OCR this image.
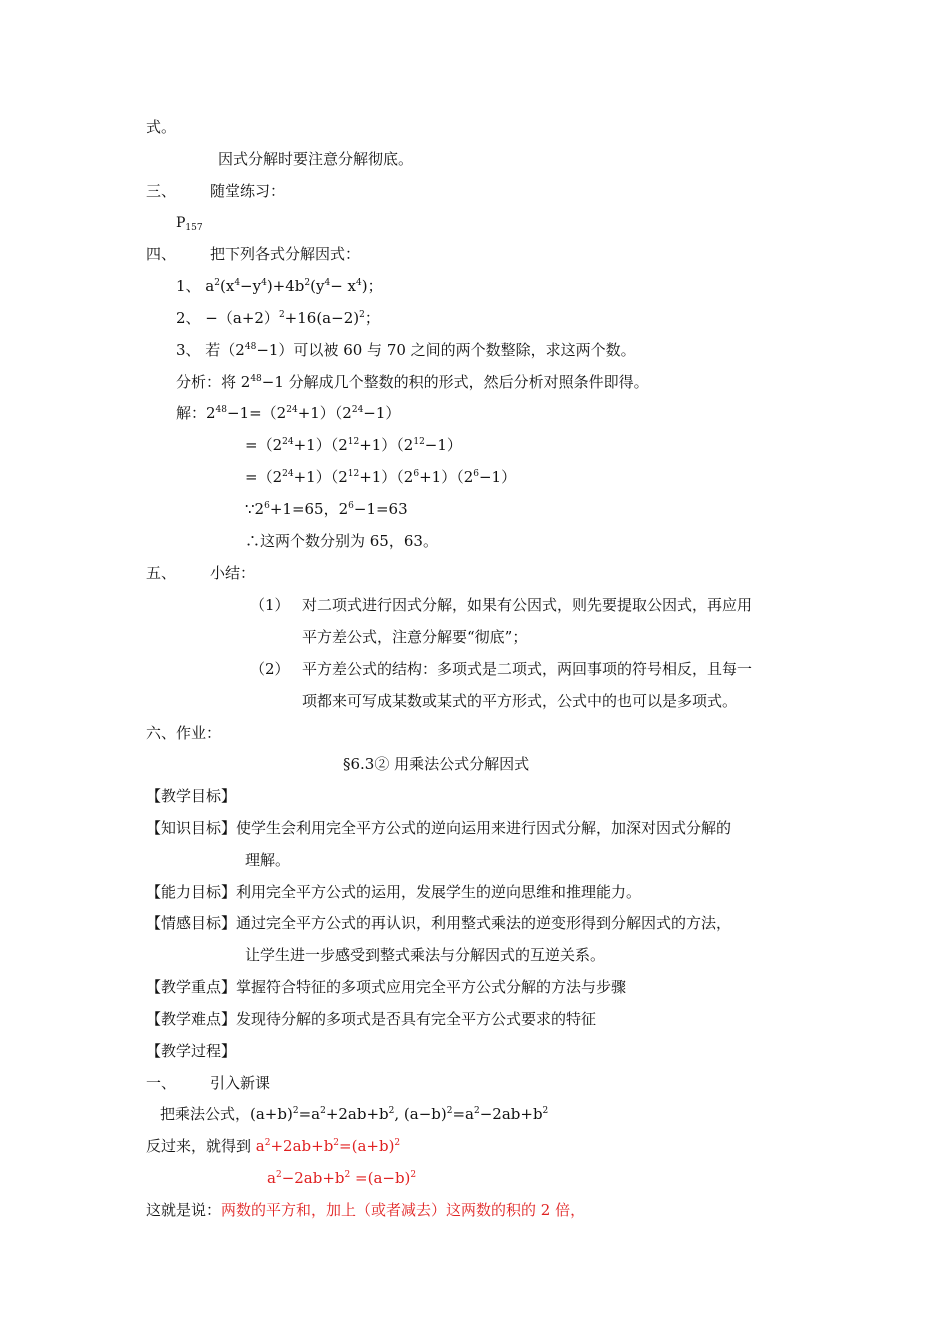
式。
因式分解时要注意分解彻底。
三、 随堂练习：
$P_{157}$
四、 把下列各式分解因式：
1、 $a^2(x^4-y^4)+4b^2(y^4- x^4)$；
2、 $-(a+2)^2+16(a-2)^2$；
3、 若$(2^{48}-1)$可以被 60 与 70 之间的两个数整除，求这两个数。
分析：将 $2^{48}-1$ 分解成几个整数的积的形式，然后分析对照条件即得。
解：$2^{48}-1=(2^{24}+1)(2^{24}-1)$
$=(2^{24}+1)(2^{12}+1)(2^{12}-1)$
$=(2^{24}+1)(2^{12}+1)(2^6+1)(2^6-1)$
$\because 2^6+1=65$，$2^6-1=63$
∴这两个数分别为 65，63。
五、 小结：
（1） 对二项式进行因式分解，如果有公因式，则先要提取公因式，再应用
平方差公式，注意分解要“彻底”；
（2） 平方差公式的结构：多项式是二项式，两回事项的符号相反，且每一
项都来可写成某数或某式的平方形式，公式中的也可以是多项式。
六、作业：
§6.3② 用乘法公式分解因式
【教学目标】
【知识目标】使学生会利用完全平方公式的逆向运用来进行因式分解，加深对因式分解的
理解。
【能力目标】利用完全平方公式的运用，发展学生的逆向思维和推理能力。
【情感目标】通过完全平方公式的再认识，利用整式乘法的逆变形得到分解因式的方法，
让学生进一步感受到整式乘法与分解因式的互逆关系。
【教学重点】掌握符合特征的多项式应用完全平方公式分解的方法与步骤
【教学难点】发现待分解的多项式是否具有完全平方公式要求的特征
【教学过程】
一、 引入新课
把乘法公式，$(a+b)^2=a^2+2ab+b^2$, $(a-b)^2=a^2-2ab+b^2$
反过来，就得到 $a^2+2ab+b^2=(a+b)^2$
$a^2-2ab+b^2 =(a-b)^2$
这就是说：两数的平方和，加上（或者减去）这两数的积的 2 倍，
